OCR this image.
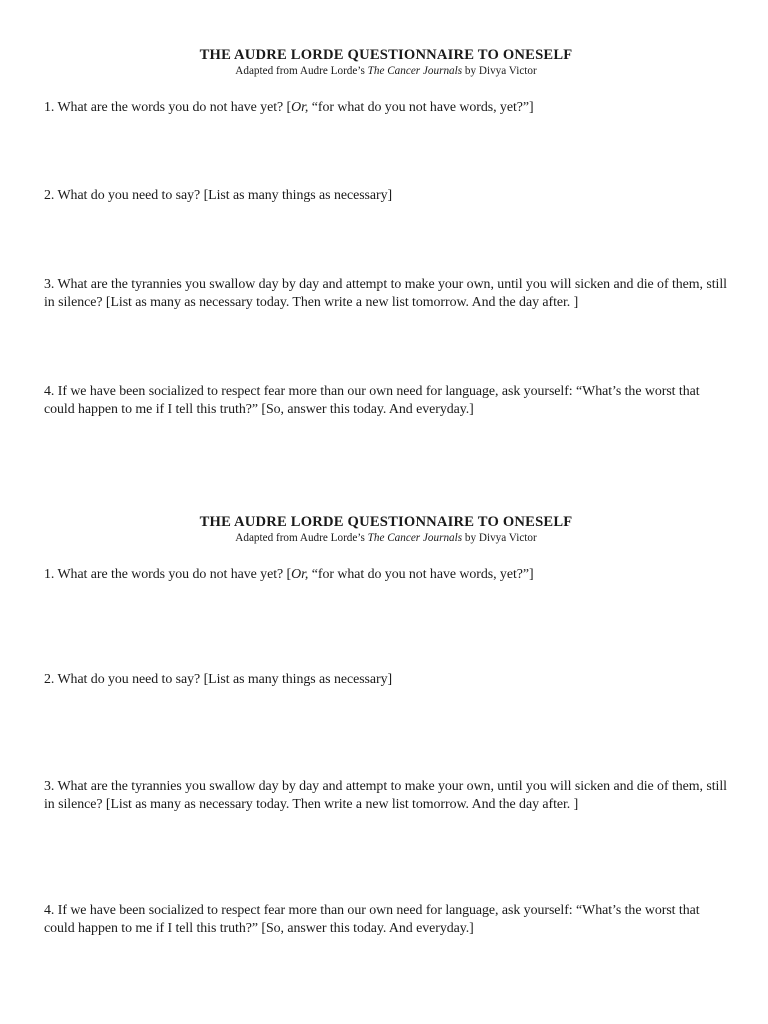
THE AUDRE LORDE QUESTIONNAIRE TO ONESELF

Adapted from Audre Lorde’s The Cancer Journals by Divya Victor

1. What are the words you do not have yet? [Or, “for what do you not have words, yet?”]

2. What do you need to say? [List as many things as necessary]

3. What are the tyrannies you swallow day by day and attempt to make your own, until you will sicken and die of them, still in silence? [List as many as necessary today. Then write a new list tomorrow. And the day after. ]

4. If we have been socialized to respect fear more than our own need for language, ask yourself: “What’s the worst that could happen to me if I tell this truth?” [So, answer this today. And everyday.]

THE AUDRE LORDE QUESTIONNAIRE TO ONESELF

Adapted from Audre Lorde’s The Cancer Journals by Divya Victor

1. What are the words you do not have yet? [Or, “for what do you not have words, yet?”]

2. What do you need to say? [List as many things as necessary]

3. What are the tyrannies you swallow day by day and attempt to make your own, until you will sicken and die of them, still in silence? [List as many as necessary today. Then write a new list tomorrow. And the day after. ]

4. If we have been socialized to respect fear more than our own need for language, ask yourself: “What’s the worst that could happen to me if I tell this truth?” [So, answer this today. And everyday.]
